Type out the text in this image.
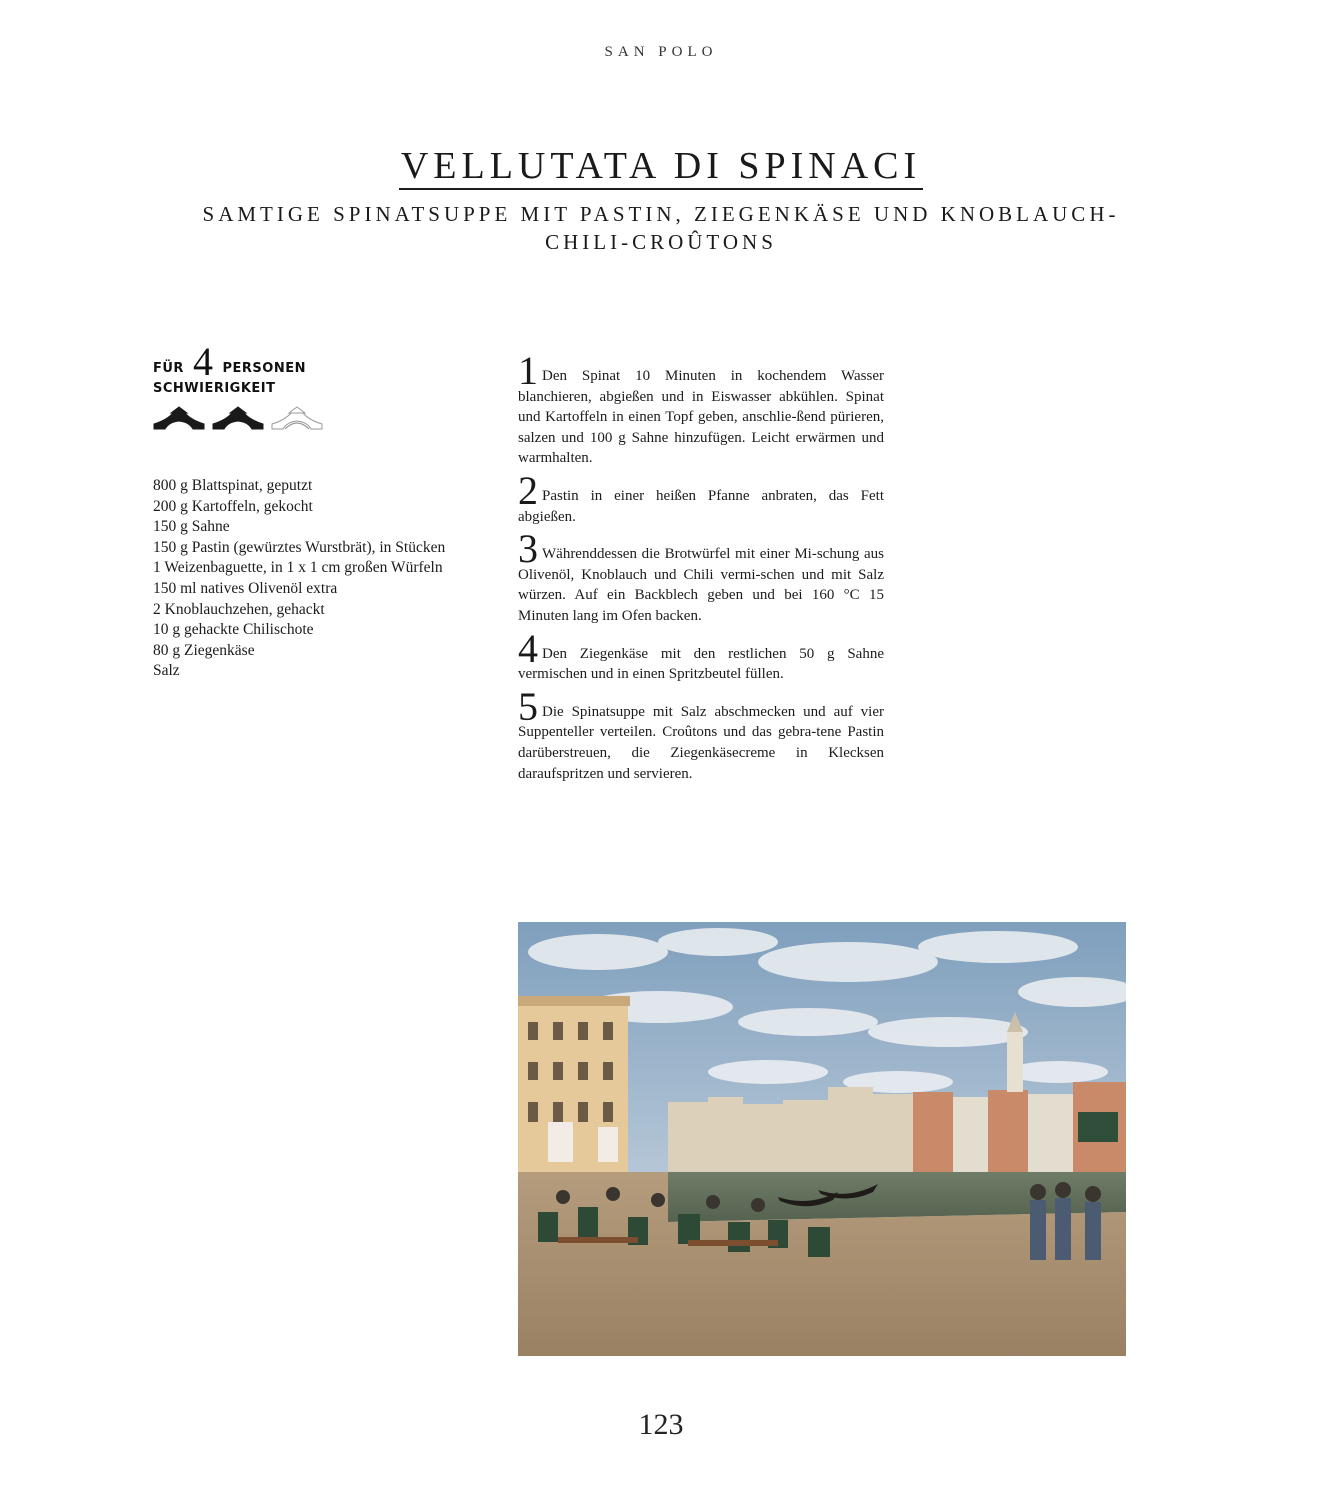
SAN POLO
VELLUTATA DI SPINACI
SAMTIGE SPINATSUPPE MIT PASTIN, ZIEGENKÄSE UND KNOBLAUCH-CHILI-CROÛTONS
FÜR 4 PERSONEN
SCHWIERIGKEIT
800 g Blattspinat, geputzt
200 g Kartoffeln, gekocht
150 g Sahne
150 g Pastin (gewürztes Wurstbrät), in Stücken
1 Weizenbaguette, in 1 x 1 cm großen Würfeln
150 ml natives Olivenöl extra
2 Knoblauchzehen, gehackt
10 g gehackte Chilischote
80 g Ziegenkäse
Salz

1 Den Spinat 10 Minuten in kochendem Wasser blanchieren, abgießen und in Eiswasser abkühlen. Spinat und Kartoffeln in einen Topf geben, anschlie-ßend pürieren, salzen und 100 g Sahne hinzufügen. Leicht erwärmen und warmhalten.

2 Pastin in einer heißen Pfanne anbraten, das Fett abgießen.

3 Währenddessen die Brotwürfel mit einer Mi-schung aus Olivenöl, Knoblauch und Chili vermi-schen und mit Salz würzen. Auf ein Backblech geben und bei 160 °C 15 Minuten lang im Ofen backen.

4 Den Ziegenkäse mit den restlichen 50 g Sahne vermischen und in einen Spritzbeutel füllen.

5 Die Spinatsuppe mit Salz abschmecken und auf vier Suppenteller verteilen. Croûtons und das gebra-tene Pastin darüberstreuen, die Ziegenkäsecreme in Klecksen daraufspritzen und servieren.

123
